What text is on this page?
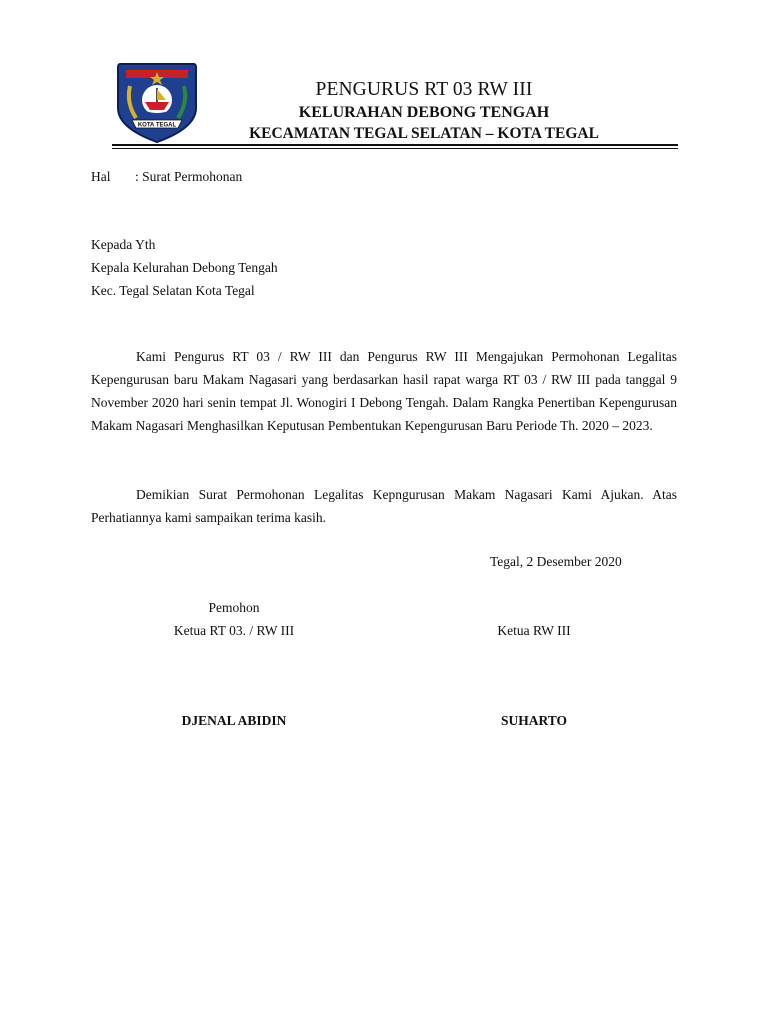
KOTA TEGAL
PENGURUS RT 03 RW III
KELURAHAN DEBONG TENGAH
KECAMATAN TEGAL SELATAN – KOTA TEGAL
Hal : Surat Permohonan
Kepada Yth
Kepala Kelurahan Debong Tengah
Kec. Tegal Selatan Kota Tegal
Kami Pengurus RT 03 / RW III dan Pengurus RW III Mengajukan Permohonan Legalitas Kepengurusan baru Makam Nagasari yang berdasarkan hasil rapat warga RT 03 / RW III pada tanggal 9 November 2020 hari senin tempat Jl. Wonogiri I Debong Tengah. Dalam Rangka Penertiban Kepengurusan Makam Nagasari Menghasilkan Keputusan Pembentukan Kepengurusan Baru Periode Th. 2020 – 2023.
Demikian Surat Permohonan Legalitas Kepngurusan Makam Nagasari Kami Ajukan. Atas Perhatiannya kami sampaikan terima kasih.
Tegal, 2 Desember 2020
Pemohon
Ketua RT 03. / RW III	Ketua RW III
DJENAL ABIDIN	SUHARTO
